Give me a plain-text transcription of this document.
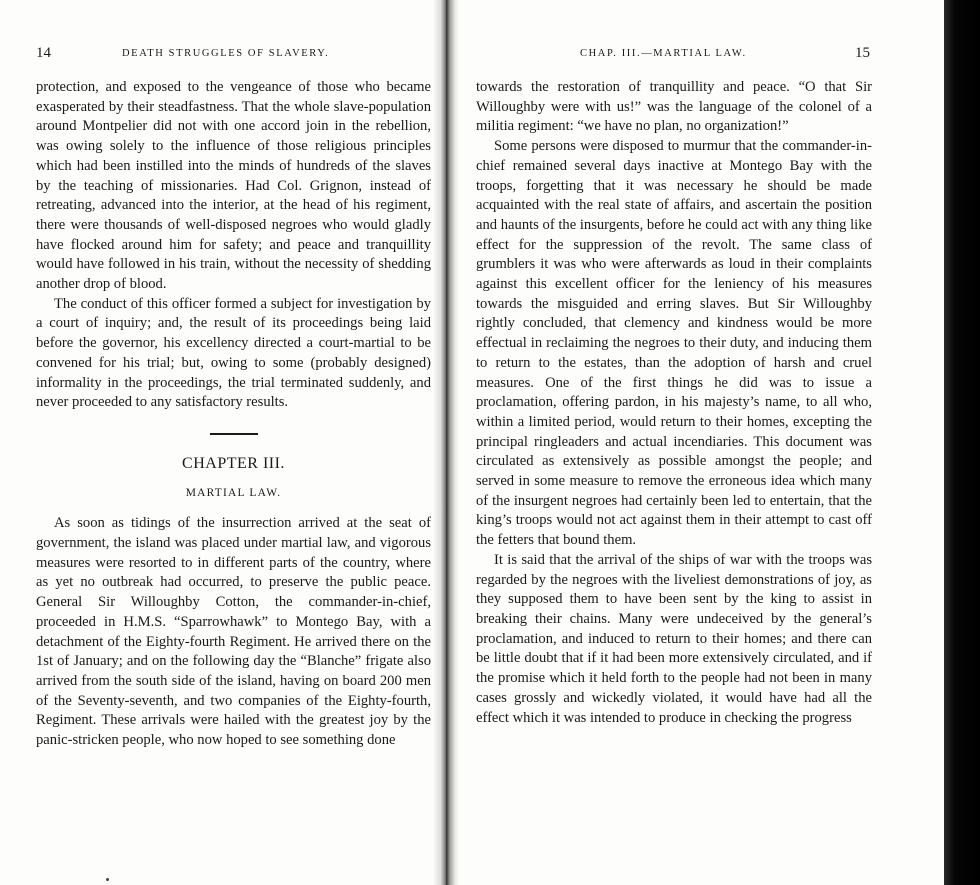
14	DEATH STRUGGLES OF SLAVERY.

protection, and exposed to the vengeance of those who became exasperated by their steadfastness. That the whole slave-population around Montpelier did not with one accord join in the rebellion, was owing solely to the influence of those religious principles which had been instilled into the minds of hundreds of the slaves by the teaching of missionaries. Had Col. Grignon, instead of retreating, advanced into the interior, at the head of his regiment, there were thousands of well-disposed negroes who would gladly have flocked around him for safety; and peace and tranquillity would have followed in his train, without the necessity of shedding another drop of blood.

The conduct of this officer formed a subject for investigation by a court of inquiry; and, the result of its proceedings being laid before the governor, his excellency directed a court-martial to be convened for his trial; but, owing to some (probably designed) informality in the proceedings, the trial terminated suddenly, and never proceeded to any satisfactory results.

CHAPTER III.
MARTIAL LAW.

As soon as tidings of the insurrection arrived at the seat of government, the island was placed under martial law, and vigorous measures were resorted to in different parts of the country, where as yet no outbreak had occurred, to preserve the public peace. General Sir Willoughby Cotton, the commander-in-chief, proceeded in H.M.S. “Sparrowhawk” to Montego Bay, with a detachment of the Eighty-fourth Regiment. He arrived there on the 1st of January; and on the following day the “Blanche” frigate also arrived from the south side of the island, having on board 200 men of the Seventy-seventh, and two companies of the Eighty-fourth, Regiment. These arrivals were hailed with the greatest joy by the panic-stricken people, who now hoped to see something done

CHAP. III.—MARTIAL LAW.	15

towards the restoration of tranquillity and peace. “O that Sir Willoughby were with us!” was the language of the colonel of a militia regiment: “we have no plan, no organization!”

Some persons were disposed to murmur that the commander-in-chief remained several days inactive at Montego Bay with the troops, forgetting that it was necessary he should be made acquainted with the real state of affairs, and ascertain the position and haunts of the insurgents, before he could act with any thing like effect for the suppression of the revolt. The same class of grumblers it was who were afterwards as loud in their complaints against this excellent officer for the leniency of his measures towards the misguided and erring slaves. But Sir Willoughby rightly concluded, that clemency and kindness would be more effectual in reclaiming the negroes to their duty, and inducing them to return to the estates, than the adoption of harsh and cruel measures. One of the first things he did was to issue a proclamation, offering pardon, in his majesty’s name, to all who, within a limited period, would return to their homes, excepting the principal ringleaders and actual incendiaries. This document was circulated as extensively as possible amongst the people; and served in some measure to remove the erroneous idea which many of the insurgent negroes had certainly been led to entertain, that the king’s troops would not act against them in their attempt to cast off the fetters that bound them.

It is said that the arrival of the ships of war with the troops was regarded by the negroes with the liveliest demonstrations of joy, as they supposed them to have been sent by the king to assist in breaking their chains. Many were undeceived by the general’s proclamation, and induced to return to their homes; and there can be little doubt that if it had been more extensively circulated, and if the promise which it held forth to the people had not been in many cases grossly and wickedly violated, it would have had all the effect which it was intended to produce in checking the progress
